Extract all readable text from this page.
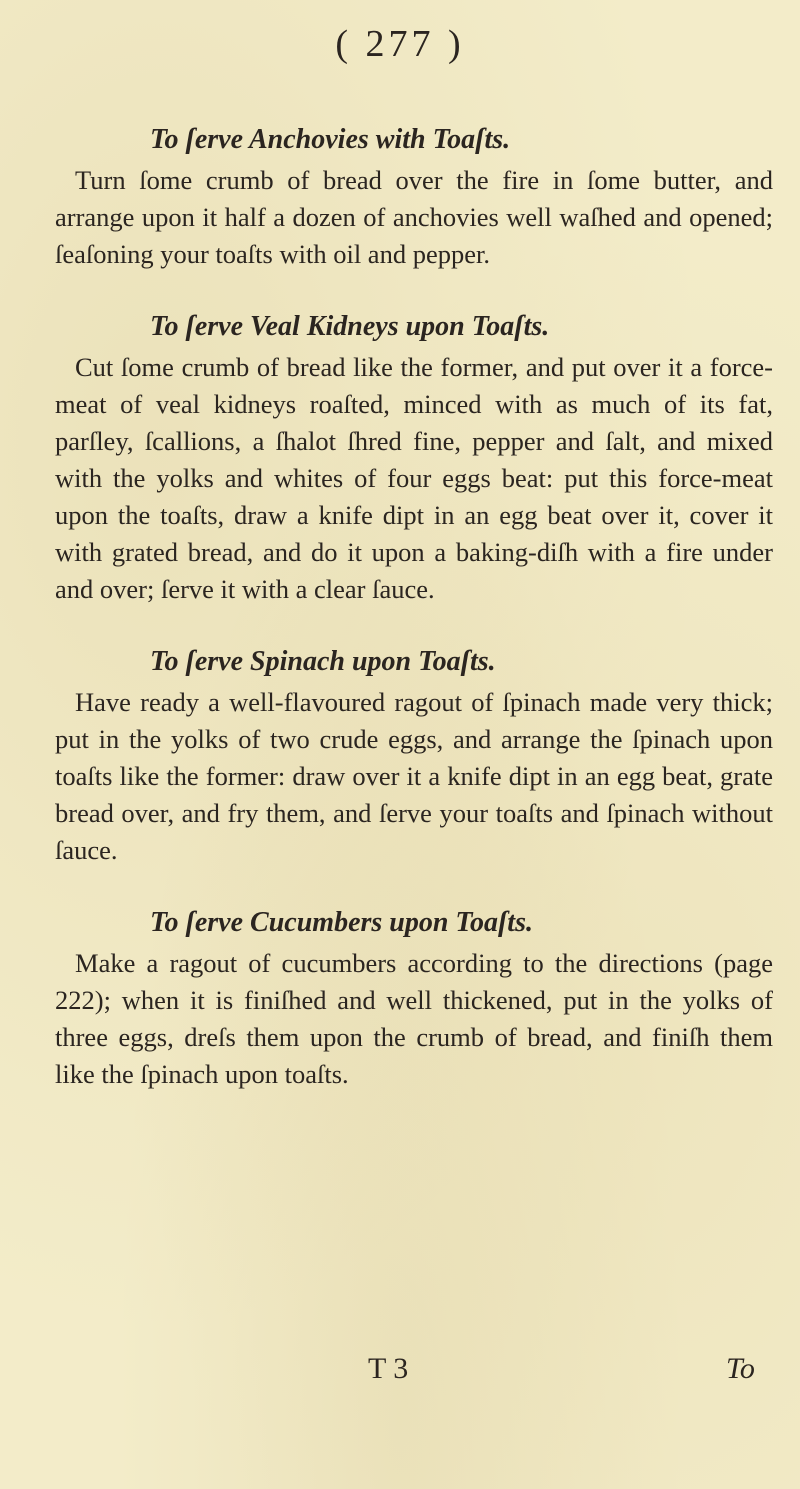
( 277 )
To ſerve Anchovies with Toaſts.

Turn ſome crumb of bread over the fire in ſome butter, and arrange upon it half a dozen of anchovies well waſhed and opened; ſeaſoning your toaſts with oil and pepper.

To ſerve Veal Kidneys upon Toaſts.

Cut ſome crumb of bread like the former, and put over it a force-meat of veal kidneys roaſted, minced with as much of its fat, parſley, ſcallions, a ſhalot ſhred fine, pepper and ſalt, and mixed with the yolks and whites of four eggs beat: put this force-meat upon the toaſts, draw a knife dipt in an egg beat over it, cover it with grated bread, and do it upon a baking-diſh with a fire under and over; ſerve it with a clear ſauce.

To ſerve Spinach upon Toaſts.

Have ready a well-flavoured ragout of ſpinach made very thick; put in the yolks of two crude eggs, and arrange the ſpinach upon toaſts like the former: draw over it a knife dipt in an egg beat, grate bread over, and fry them, and ſerve your toaſts and ſpinach without ſauce.

To ſerve Cucumbers upon Toaſts.

Make a ragout of cucumbers according to the directions (page 222); when it is finiſhed and well thickened, put in the yolks of three eggs, dreſs them upon the crumb of bread, and finiſh them like the ſpinach upon toaſts.

T 3	To
